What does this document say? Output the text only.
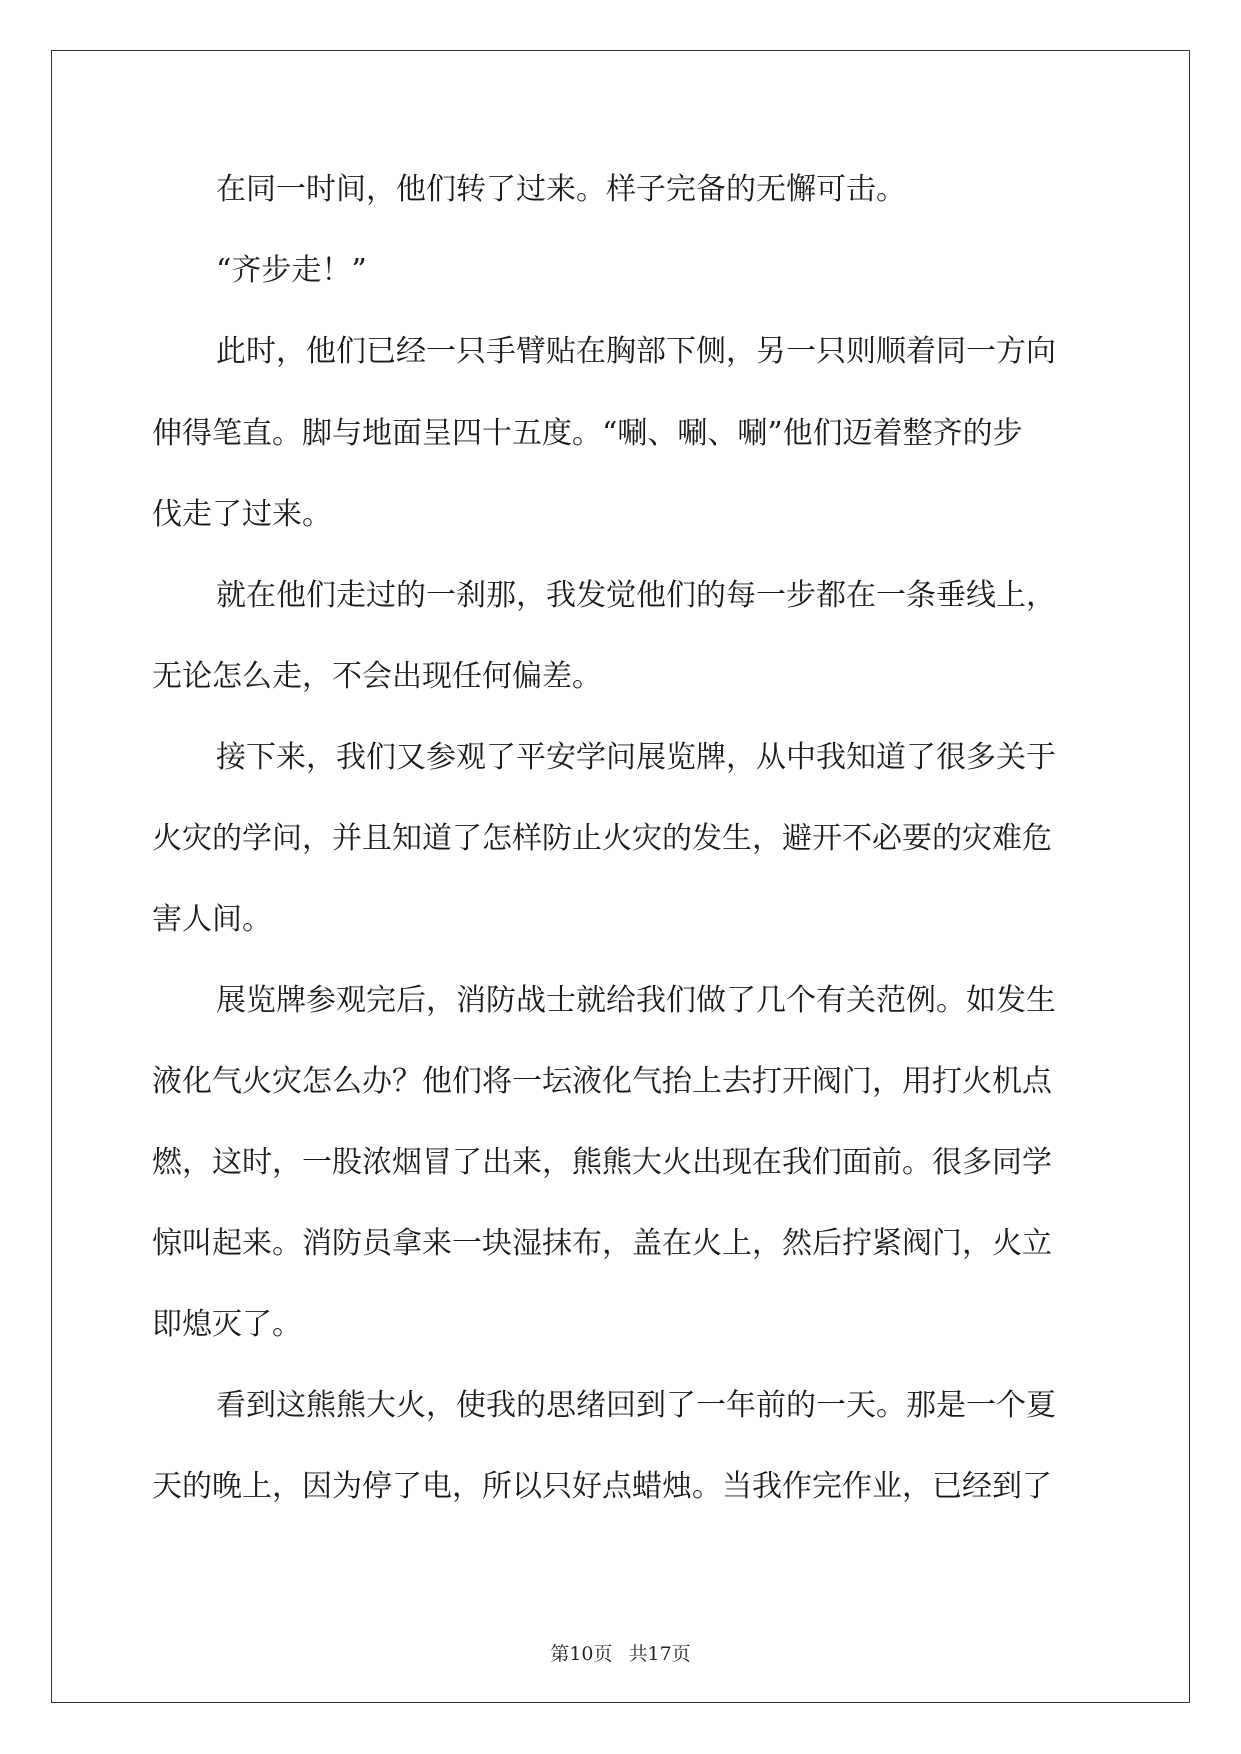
在同一时间，他们转了过来。样子完备的无懈可击。
“齐步走！”
此时，他们已经一只手臂贴在胸部下侧，另一只则顺着同一方向
伸得笔直。脚与地面呈四十五度。“唰、唰、唰”他们迈着整齐的步
伐走了过来。
就在他们走过的一刹那，我发觉他们的每一步都在一条垂线上，
无论怎么走，不会出现任何偏差。
接下来，我们又参观了平安学问展览牌，从中我知道了很多关于
火灾的学问，并且知道了怎样防止火灾的发生，避开不必要的灾难危
害人间。
展览牌参观完后，消防战士就给我们做了几个有关范例。如发生
液化气火灾怎么办？他们将一坛液化气抬上去打开阀门，用打火机点
燃，这时，一股浓烟冒了出来，熊熊大火出现在我们面前。很多同学
惊叫起来。消防员拿来一块湿抹布，盖在火上，然后拧紧阀门，火立
即熄灭了。
看到这熊熊大火，使我的思绪回到了一年前的一天。那是一个夏
天的晚上，因为停了电，所以只好点蜡烛。当我作完作业，已经到了
第10页 共17页
